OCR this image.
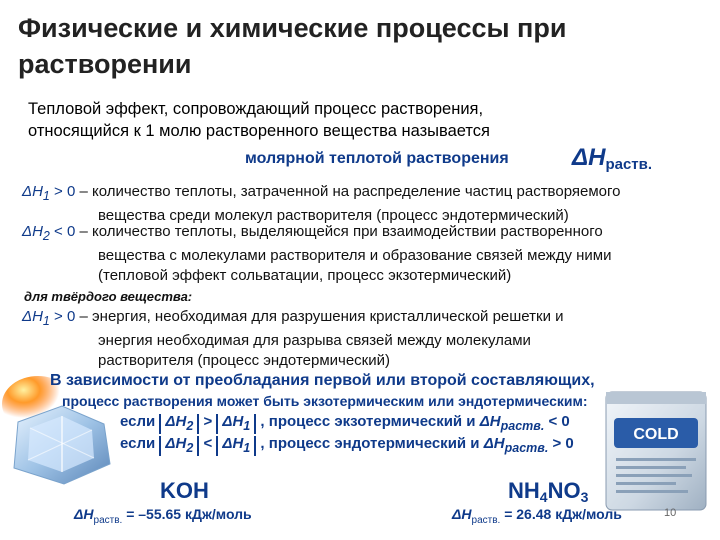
Физические и химические процессы при растворении
Тепловой эффект, сопровождающий процесс растворения,
относящийся к 1 молю растворенного вещества называется
молярной теплотой растворения	$\Delta H_{раств.}$
$\Delta H_1 > 0$ – количество теплоты, затраченной на распределение частиц растворяемого
вещества среди молекул растворителя (процесс эндотермический)
$\Delta H_2 < 0$ – количество теплоты, выделяющейся при взаимодействии растворенного
вещества с молекулами растворителя и образование связей между ними
(тепловой эффект сольватации, процесс экзотермический)
для твёрдого вещества:
$\Delta H_1 > 0$ – энергия, необходимая для разрушения кристаллической решетки и
энергия необходимая для разрыва связей между молекулами
растворителя (процесс эндотермический)
В зависимости от преобладания первой или второй составляющих,
процесс растворения может быть экзотермическим или эндотермическим:
если $\Delta H_2 > \Delta H_1$ , процесс экзотермический и $\Delta H_{раств.} < 0$
если $\Delta H_2 < \Delta H_1$ , процесс эндотермический и $\Delta H_{раств.} > 0$
COLD
KOH	$NH_4NO_3$
$\Delta H_{раств.} = -55.65$ кДж/моль	$\Delta H_{раств.} = 26.48$ кДж/моль	10
